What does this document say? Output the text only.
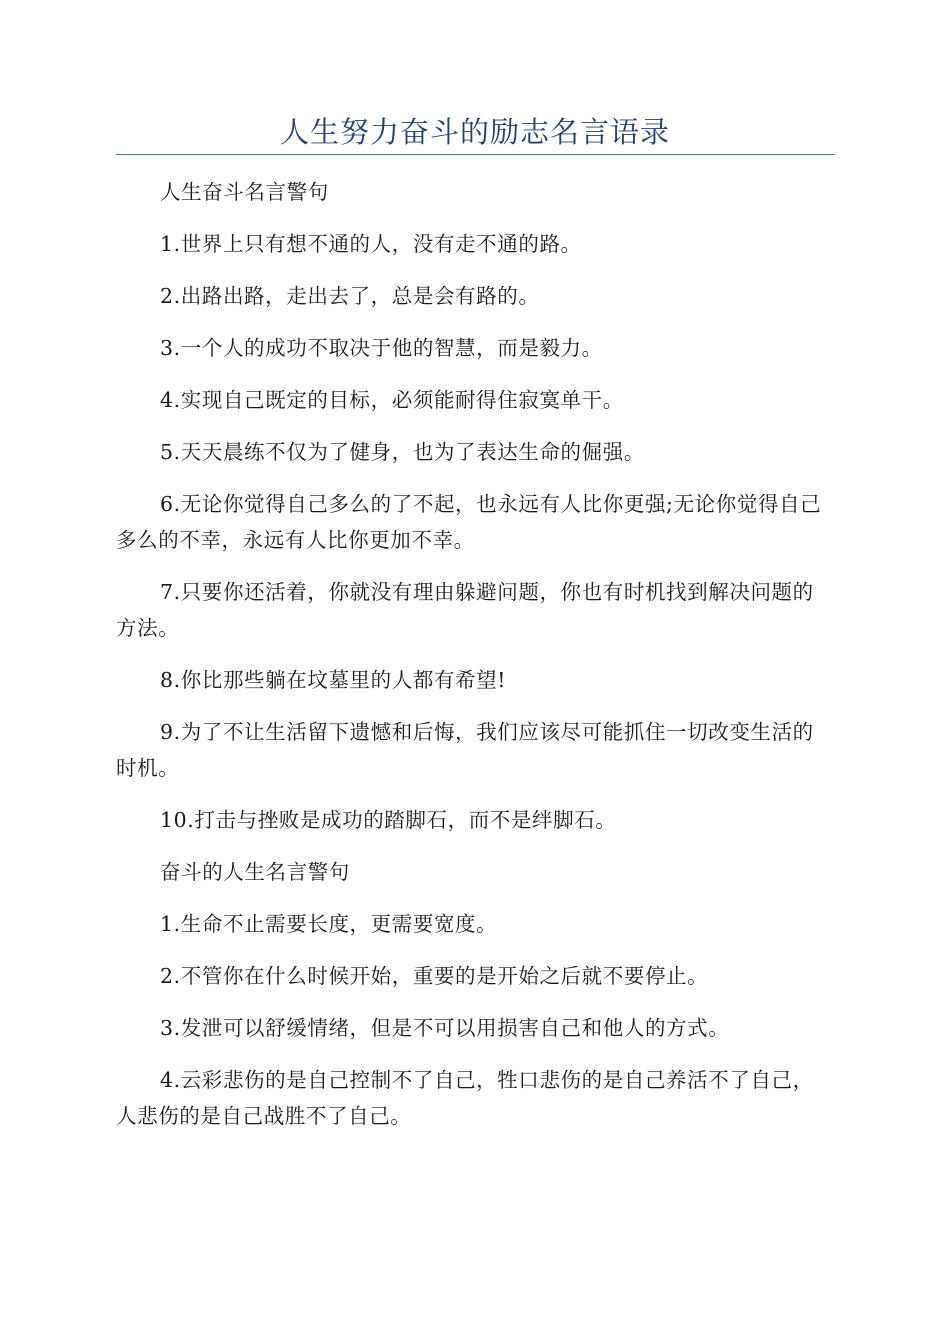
人生努力奋斗的励志名言语录

人生奋斗名言警句

1.世界上只有想不通的人，没有走不通的路。

2.出路出路，走出去了，总是会有路的。

3.一个人的成功不取决于他的智慧，而是毅力。

4.实现自己既定的目标，必须能耐得住寂寞单干。

5.天天晨练不仅为了健身，也为了表达生命的倔强。

6.无论你觉得自己多么的了不起，也永远有人比你更强;无论你觉得自己多么的不幸，永远有人比你更加不幸。

7.只要你还活着，你就没有理由躲避问题，你也有时机找到解决问题的方法。

8.你比那些躺在坟墓里的人都有希望!

9.为了不让生活留下遗憾和后悔，我们应该尽可能抓住一切改变生活的时机。

10.打击与挫败是成功的踏脚石，而不是绊脚石。

奋斗的人生名言警句

1.生命不止需要长度，更需要宽度。

2.不管你在什么时候开始，重要的是开始之后就不要停止。

3.发泄可以舒缓情绪，但是不可以用损害自己和他人的方式。

4.云彩悲伤的是自己控制不了自己，牲口悲伤的是自己养活不了自己，人悲伤的是自己战胜不了自己。
